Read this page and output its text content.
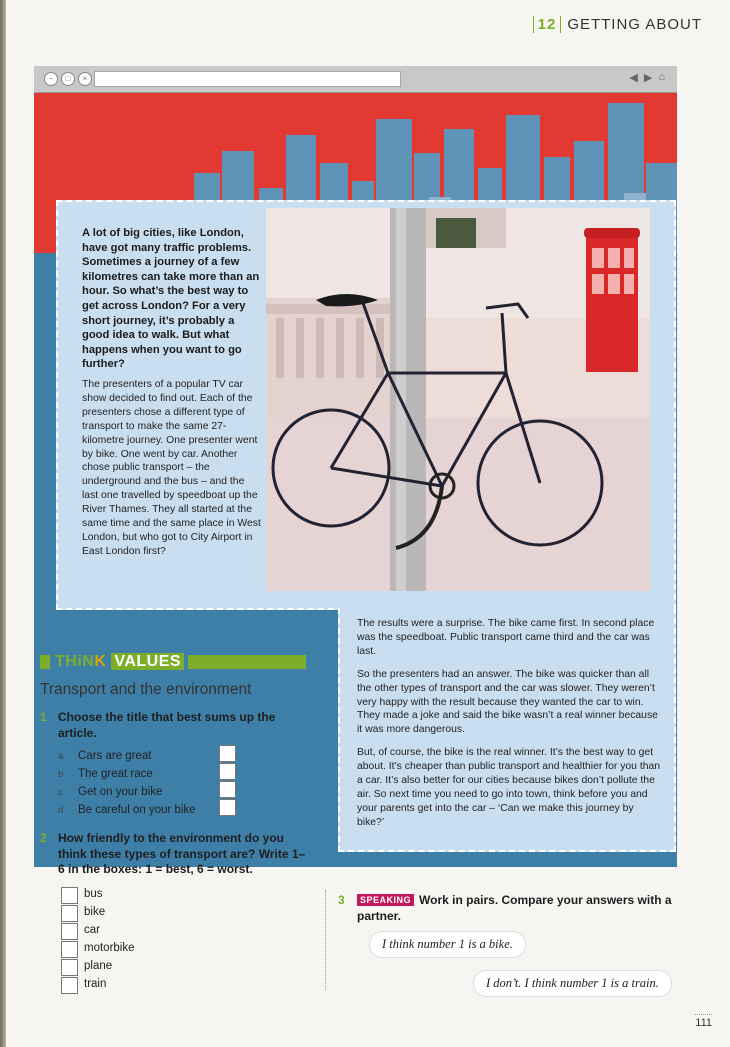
12 GETTING ABOUT
–	□	×	◀ ▶ ⌂
A lot of big cities, like London, have got many traffic problems. Sometimes a journey of a few kilometres can take more than an hour. So what’s the best way to get across London? For a very short journey, it’s probably a good idea to walk. But what happens when you want to go further?
The presenters of a popular TV car show decided to find out. Each of the presenters chose a different type of transport to make the same 27-kilometre journey. One presenter went by bike. One went by car. Another chose public transport – the underground and the bus – and the last one travelled by speedboat up the River Thames. They all started at the same time and the same place in West London, but who got to City Airport in East London first?

The results were a surprise. The bike came first. In second place was the speedboat. Public transport came third and the car was last.

So the presenters had an answer. The bike was quicker than all the other types of transport and the car was slower. They weren’t very happy with the result because they wanted the car to win. They made a joke and said the bike wasn’t a real winner because it was more dangerous.

But, of course, the bike is the real winner. It’s the best way to get about. It’s cheaper than public transport and healthier for you than a car. It’s also better for our cities because bikes don’t pollute the air. So next time you need to go into town, think before you and your parents get into the car – ‘Can we make this journey by bike?’

THiNK VALUES
Transport and the environment
1 Choose the title that best sums up the article.
a	Cars are great
b	The great race
c	Get on your bike
d	Be careful on your bike
2 How friendly to the environment do you think these types of transport are? Write 1–6 in the boxes: 1 = best, 6 = worst.
bus
bike
car
motorbike
plane
train
3	SPEAKING Work in pairs. Compare your answers with a partner.
I think number 1 is a bike.
I don’t. I think number 1 is a train.
111
